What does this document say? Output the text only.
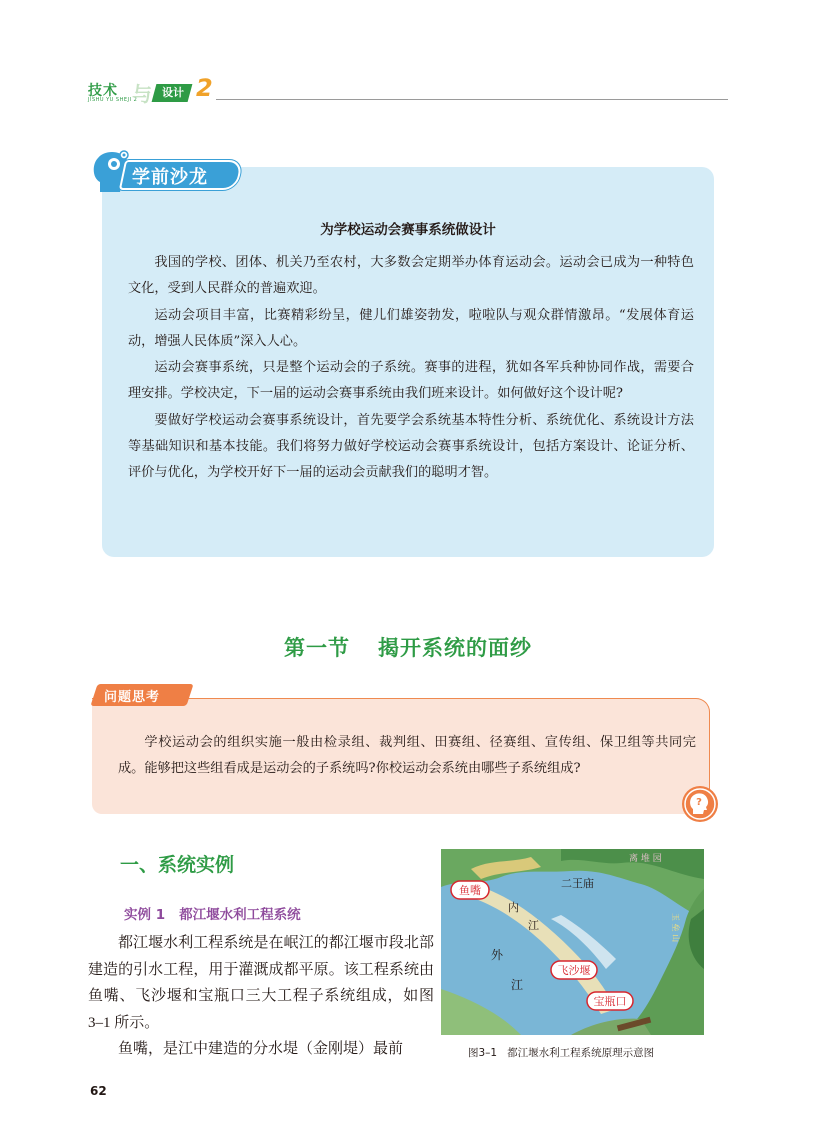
技术
JISHU YU SHEJI 2
与 设计 2
学前沙龙
为学校运动会赛事系统做设计

我国的学校、团体、机关乃至农村，大多数会定期举办体育运动会。运动会已成为一种特色文化，受到人民群众的普遍欢迎。

运动会项目丰富，比赛精彩纷呈，健儿们雄姿勃发，啦啦队与观众群情激昂。“发展体育运动，增强人民体质”深入人心。

运动会赛事系统，只是整个运动会的子系统。赛事的进程，犹如各军兵种协同作战，需要合理安排。学校决定，下一届的运动会赛事系统由我们班来设计。如何做好这个设计呢?

要做好学校运动会赛事系统设计，首先要学会系统基本特性分析、系统优化、系统设计方法等基础知识和基本技能。我们将努力做好学校运动会赛事系统设计，包括方案设计、论证分析、评价与优化，为学校开好下一届的运动会贡献我们的聪明才智。

第一节 揭开系统的面纱
问题思考

学校运动会的组织实施一般由检录组、裁判组、田赛组、径赛组、宣传组、保卫组等共同完成。能够把这些组看成是运动会的子系统吗?你校运动会系统由哪些子系统组成?

?
一、系统实例
实例 1 都江堰水利工程系统

都江堰水利工程系统是在岷江的都江堰市段北部建造的引水工程，用于灌溉成都平原。该工程系统由鱼嘴、飞沙堰和宝瓶口三大工程子系统组成，如图 3–1 所示。

鱼嘴，是江中建造的分水堤（金刚堤）最前

鱼嘴
二王庙
内
江
外
江
飞沙堰
宝瓶口
离 堆 园
玉 垒 山
图3–1 都江堰水利工程系统原理示意图
62
